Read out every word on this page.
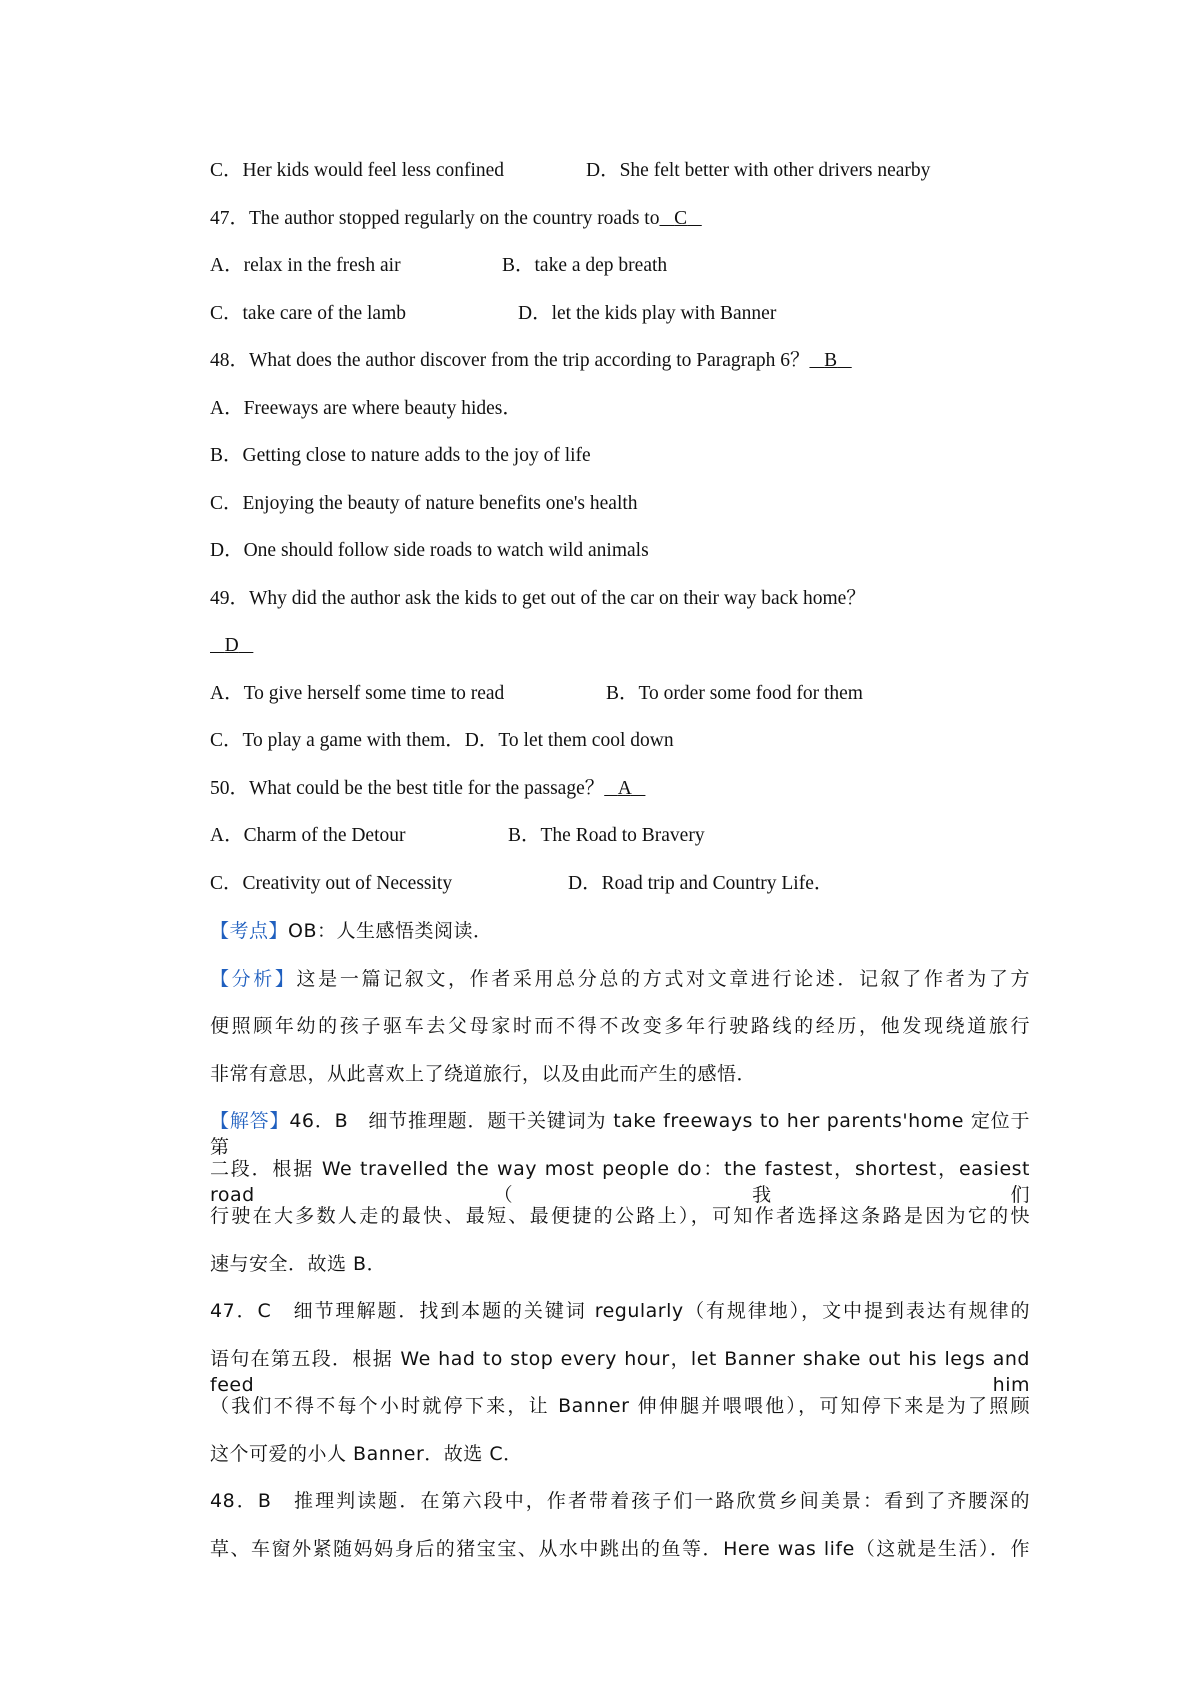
C．Her kids would feel less confined	D．She felt better with other drivers nearby
47．The author stopped regularly on the country roads to C
A．relax in the fresh air	B．take a dep breath
C．take care of the lamb	D．let the kids play with Banner
48．What does the author discover from the trip according to Paragraph 6？ B
A．Freeways are where beauty hides．
B．Getting close to nature adds to the joy of life
C．Enjoying the beauty of nature benefits one's health
D．One should follow side roads to watch wild animals
49．Why did the author ask the kids to get out of the car on their way back home？
D
A．To give herself some time to read	B．To order some food for them
C．To play a game with them．D．To let them cool down
50．What could be the best title for the passage？ A
A．Charm of the Detour	B．The Road to Bravery
C．Creativity out of Necessity	D．Road trip and Country Life．
【考点】OB：人生感悟类阅读．
【分析】这是一篇记叙文，作者采用总分总的方式对文章进行论述．记叙了作者为了方
便照顾年幼的孩子驱车去父母家时而不得不改变多年行驶路线的经历，他发现绕道旅行
非常有意思，从此喜欢上了绕道旅行，以及由此而产生的感悟．
【解答】46．B　细节推理题．题干关键词为 take freeways to her parents'home 定位于第
二段．根据 We travelled the way most people do：the fastest，shortest，easiest road（我们
行驶在大多数人走的最快、最短、最便捷的公路上），可知作者选择这条路是因为它的快
速与安全．故选 B．
47．C　细节理解题．找到本题的关键词 regularly（有规律地），文中提到表达有规律的
语句在第五段．根据 We had to stop every hour，let Banner shake out his legs and feed him
（我们不得不每个小时就停下来，让 Banner 伸伸腿并喂喂他），可知停下来是为了照顾
这个可爱的小人 Banner．故选 C．
48．B　推理判读题．在第六段中，作者带着孩子们一路欣赏乡间美景：看到了齐腰深的
草、车窗外紧随妈妈身后的猪宝宝、从水中跳出的鱼等．Here was life（这就是生活）．作
